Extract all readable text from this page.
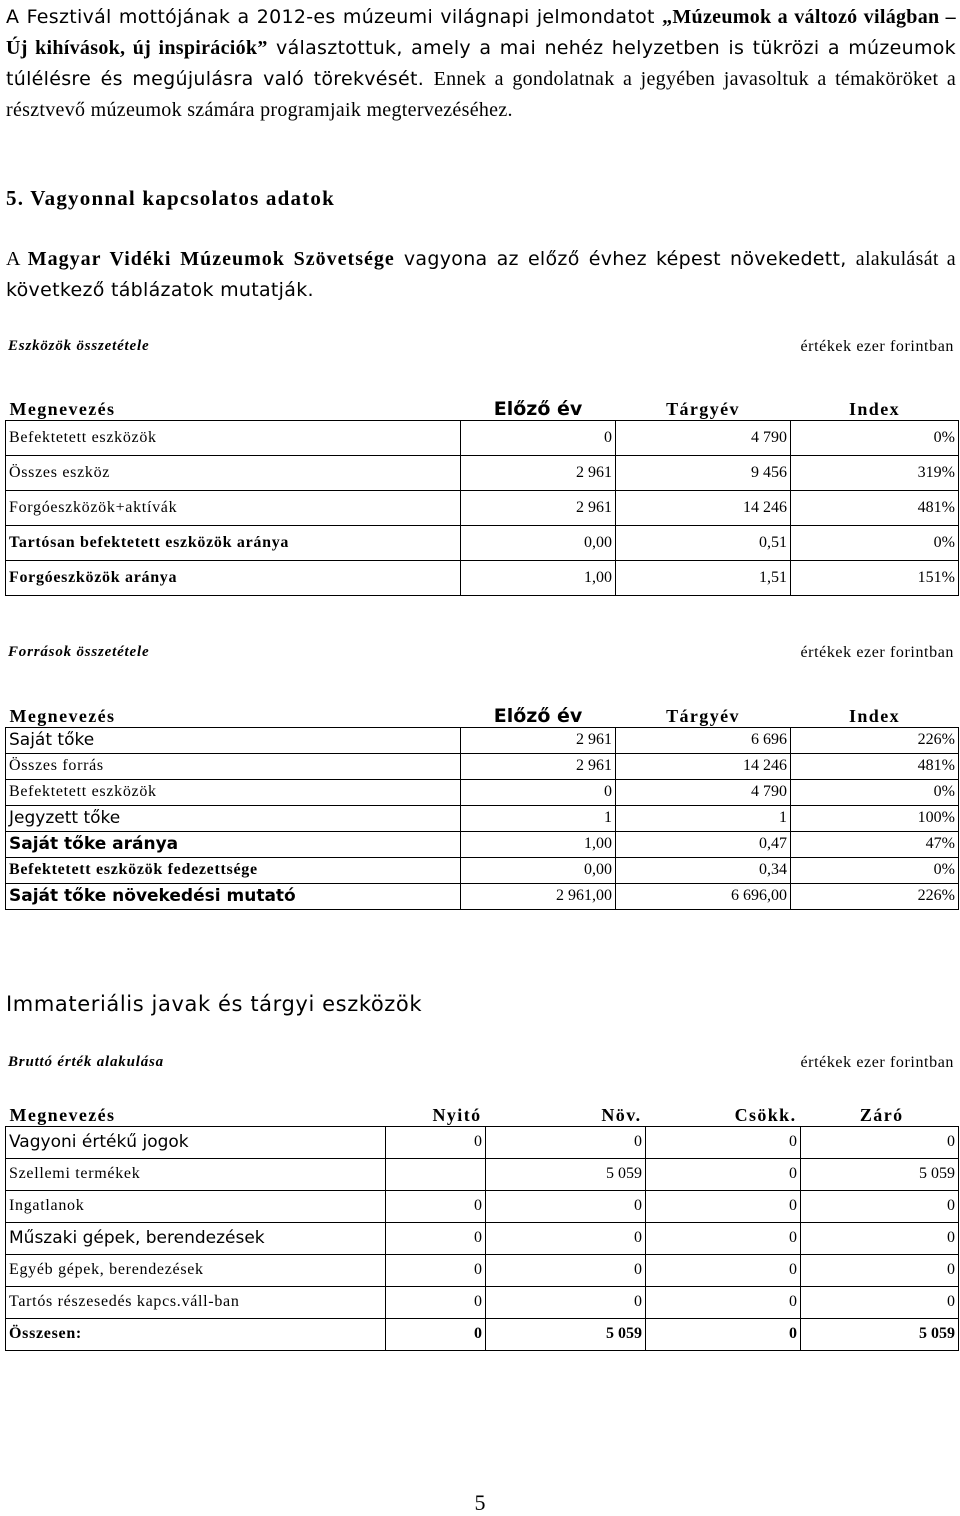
A Fesztivál mottójának a 2012-es múzeumi világnapi jelmondatot „Múzeumok a változó világban – Új kihívások, új inspirációk” választottuk, amely a mai nehéz helyzetben is tükrözi a múzeumok túlélésre és megújulásra való törekvését. Ennek a gondolatnak a jegyében javasoltuk a témaköröket a résztvevő múzeumok számára programjaik megtervezéséhez.
5. Vagyonnal kapcsolatos adatok
A Magyar Vidéki Múzeumok Szövetsége vagyona az előző évhez képest növekedett, alakulását a következő táblázatok mutatják.
Eszközök összetétele	értékek ezer forintban
Megnevezés	Előző év	Tárgyév	Index
Befektetett eszközök	0	4 790	0%
Összes eszköz	2 961	9 456	319%
Forgóeszközök+aktívák	2 961	14 246	481%
Tartósan befektetett eszközök aránya	0,00	0,51	0%
Forgóeszközök aránya	1,00	1,51	151%
Források összetétele	értékek ezer forintban
Megnevezés	Előző év	Tárgyév	Index
Saját tőke	2 961	6 696	226%
Összes forrás	2 961	14 246	481%
Befektetett eszközök	0	4 790	0%
Jegyzett tőke	1	1	100%
Saját tőke aránya	1,00	0,47	47%
Befektetett eszközök fedezettsége	0,00	0,34	0%
Saját tőke növekedési mutató	2 961,00	6 696,00	226%
Immateriális javak és tárgyi eszközök
Bruttó érték alakulása	értékek ezer forintban
Megnevezés	Nyitó	Növ.	Csökk.	Záró
Vagyoni értékű jogok	0	0	0	0
Szellemi termékek		5 059	0	5 059
Ingatlanok	0	0	0	0
Műszaki gépek, berendezések	0	0	0	0
Egyéb gépek, berendezések	0	0	0	0
Tartós részesedés kapcs.váll-ban	0	0	0	0
Összesen:	0	5 059	0	5 059
5
